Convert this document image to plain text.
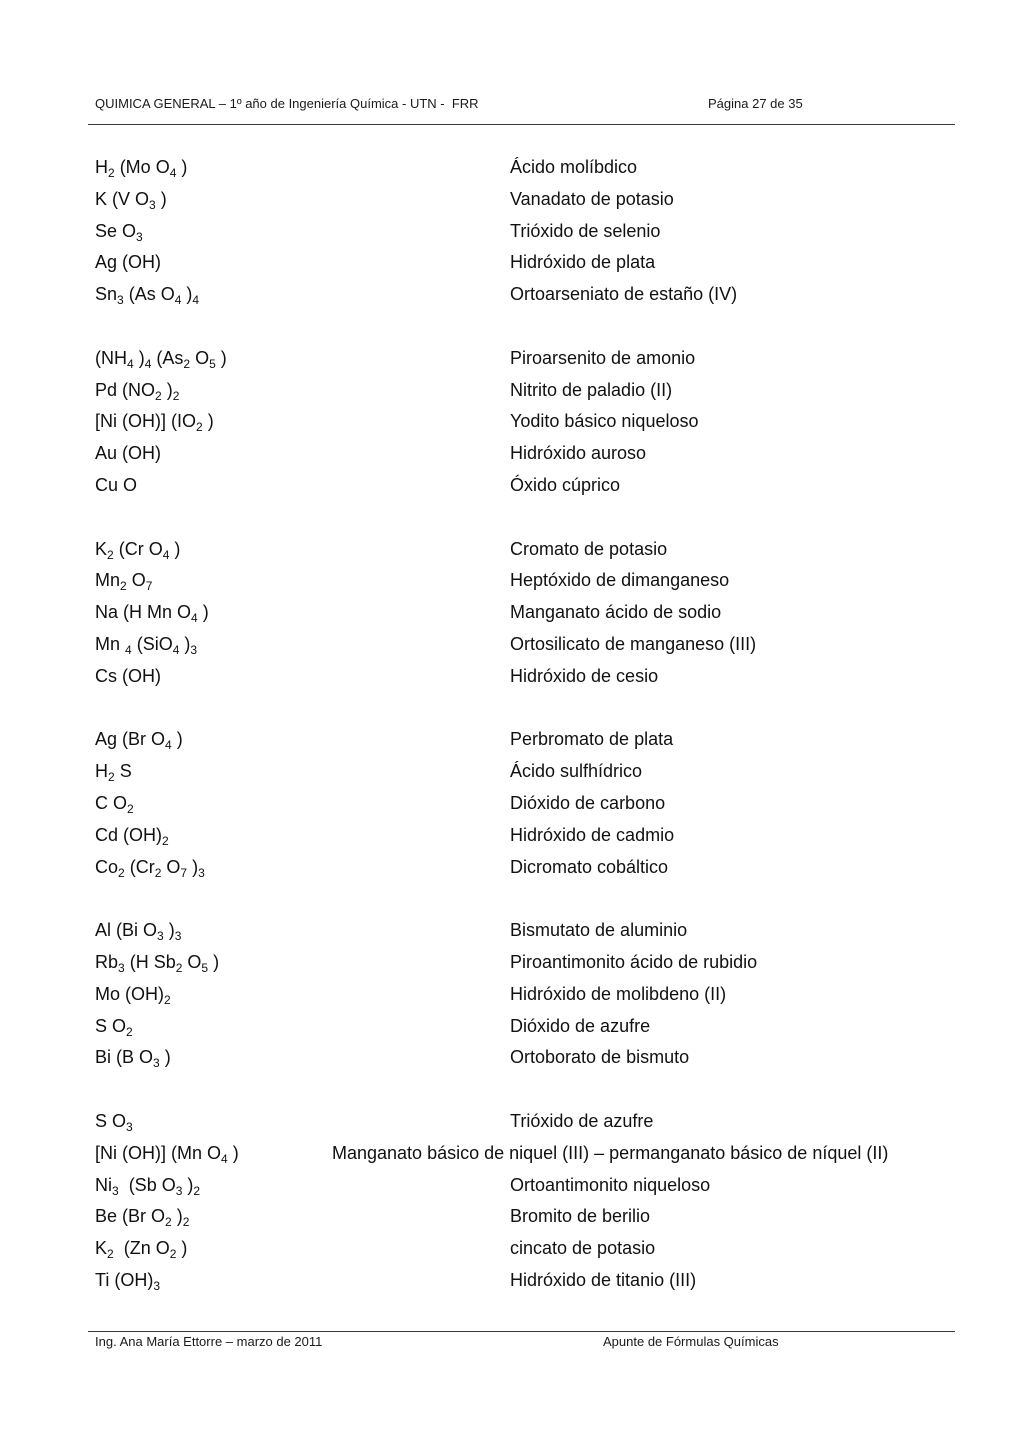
QUIMICA GENERAL – 1º año de Ingeniería Química - UTN -  FRR	Página 27 de 35
$H_2$ (Mo $O_4$ )	Ácido molíbdico
K (V $O_3$ )	Vanadato de potasio
Se $O_3$	Trióxido de selenio
Ag (OH)	Hidróxido de plata
$Sn_3$ (As $O_4$ )$_4$	Ortoarseniato de estaño (IV)
($NH_4$ )$_4$ ($As_2$ $O_5$ )	Piroarsenito de amonio
Pd ($NO_2$ )$_2$	Nitrito de paladio (II)
[Ni (OH)] ($IO_2$ )	Yodito básico niqueloso
Au (OH)	Hidróxido auroso
Cu O	Óxido cúprico
$K_2$ (Cr $O_4$ )	Cromato de potasio
$Mn_2$ $O_7$	Heptóxido de dimanganeso
Na (H Mn $O_4$ )	Manganato ácido de sodio
Mn $_4$ (SiO$_4$ )$_3$	Ortosilicato de manganeso (III)
Cs (OH)	Hidróxido de cesio
Ag (Br $O_4$ )	Perbromato de plata
$H_2$ S	Ácido sulfhídrico
C $O_2$	Dióxido de carbono
Cd $(OH)_2$	Hidróxido de cadmio
$Co_2$ ($Cr_2$ $O_7$ )$_3$	Dicromato cobáltico
Al (Bi $O_3$ )$_3$	Bismutato de aluminio
$Rb_3$ (H $Sb_2$ $O_5$ )	Piroantimonito ácido de rubidio
Mo $(OH)_2$	Hidróxido de molibdeno (II)
S $O_2$	Dióxido de azufre
Bi (B $O_3$ )	Ortoborato de bismuto
S $O_3$	Trióxido de azufre
[Ni (OH)] (Mn $O_4$ )	Manganato básico de niquel (III) – permanganato básico de níquel (II)
$Ni_3$  (Sb $O_3$ )$_2$	Ortoantimonito niqueloso
Be (Br $O_2$ )$_2$	Bromito de berilio
$K_2$  (Zn $O_2$ )	cincato de potasio
Ti $(OH)_3$	Hidróxido de titanio (III)
Ing. Ana María Ettorre – marzo de 2011	Apunte de Fórmulas Químicas
